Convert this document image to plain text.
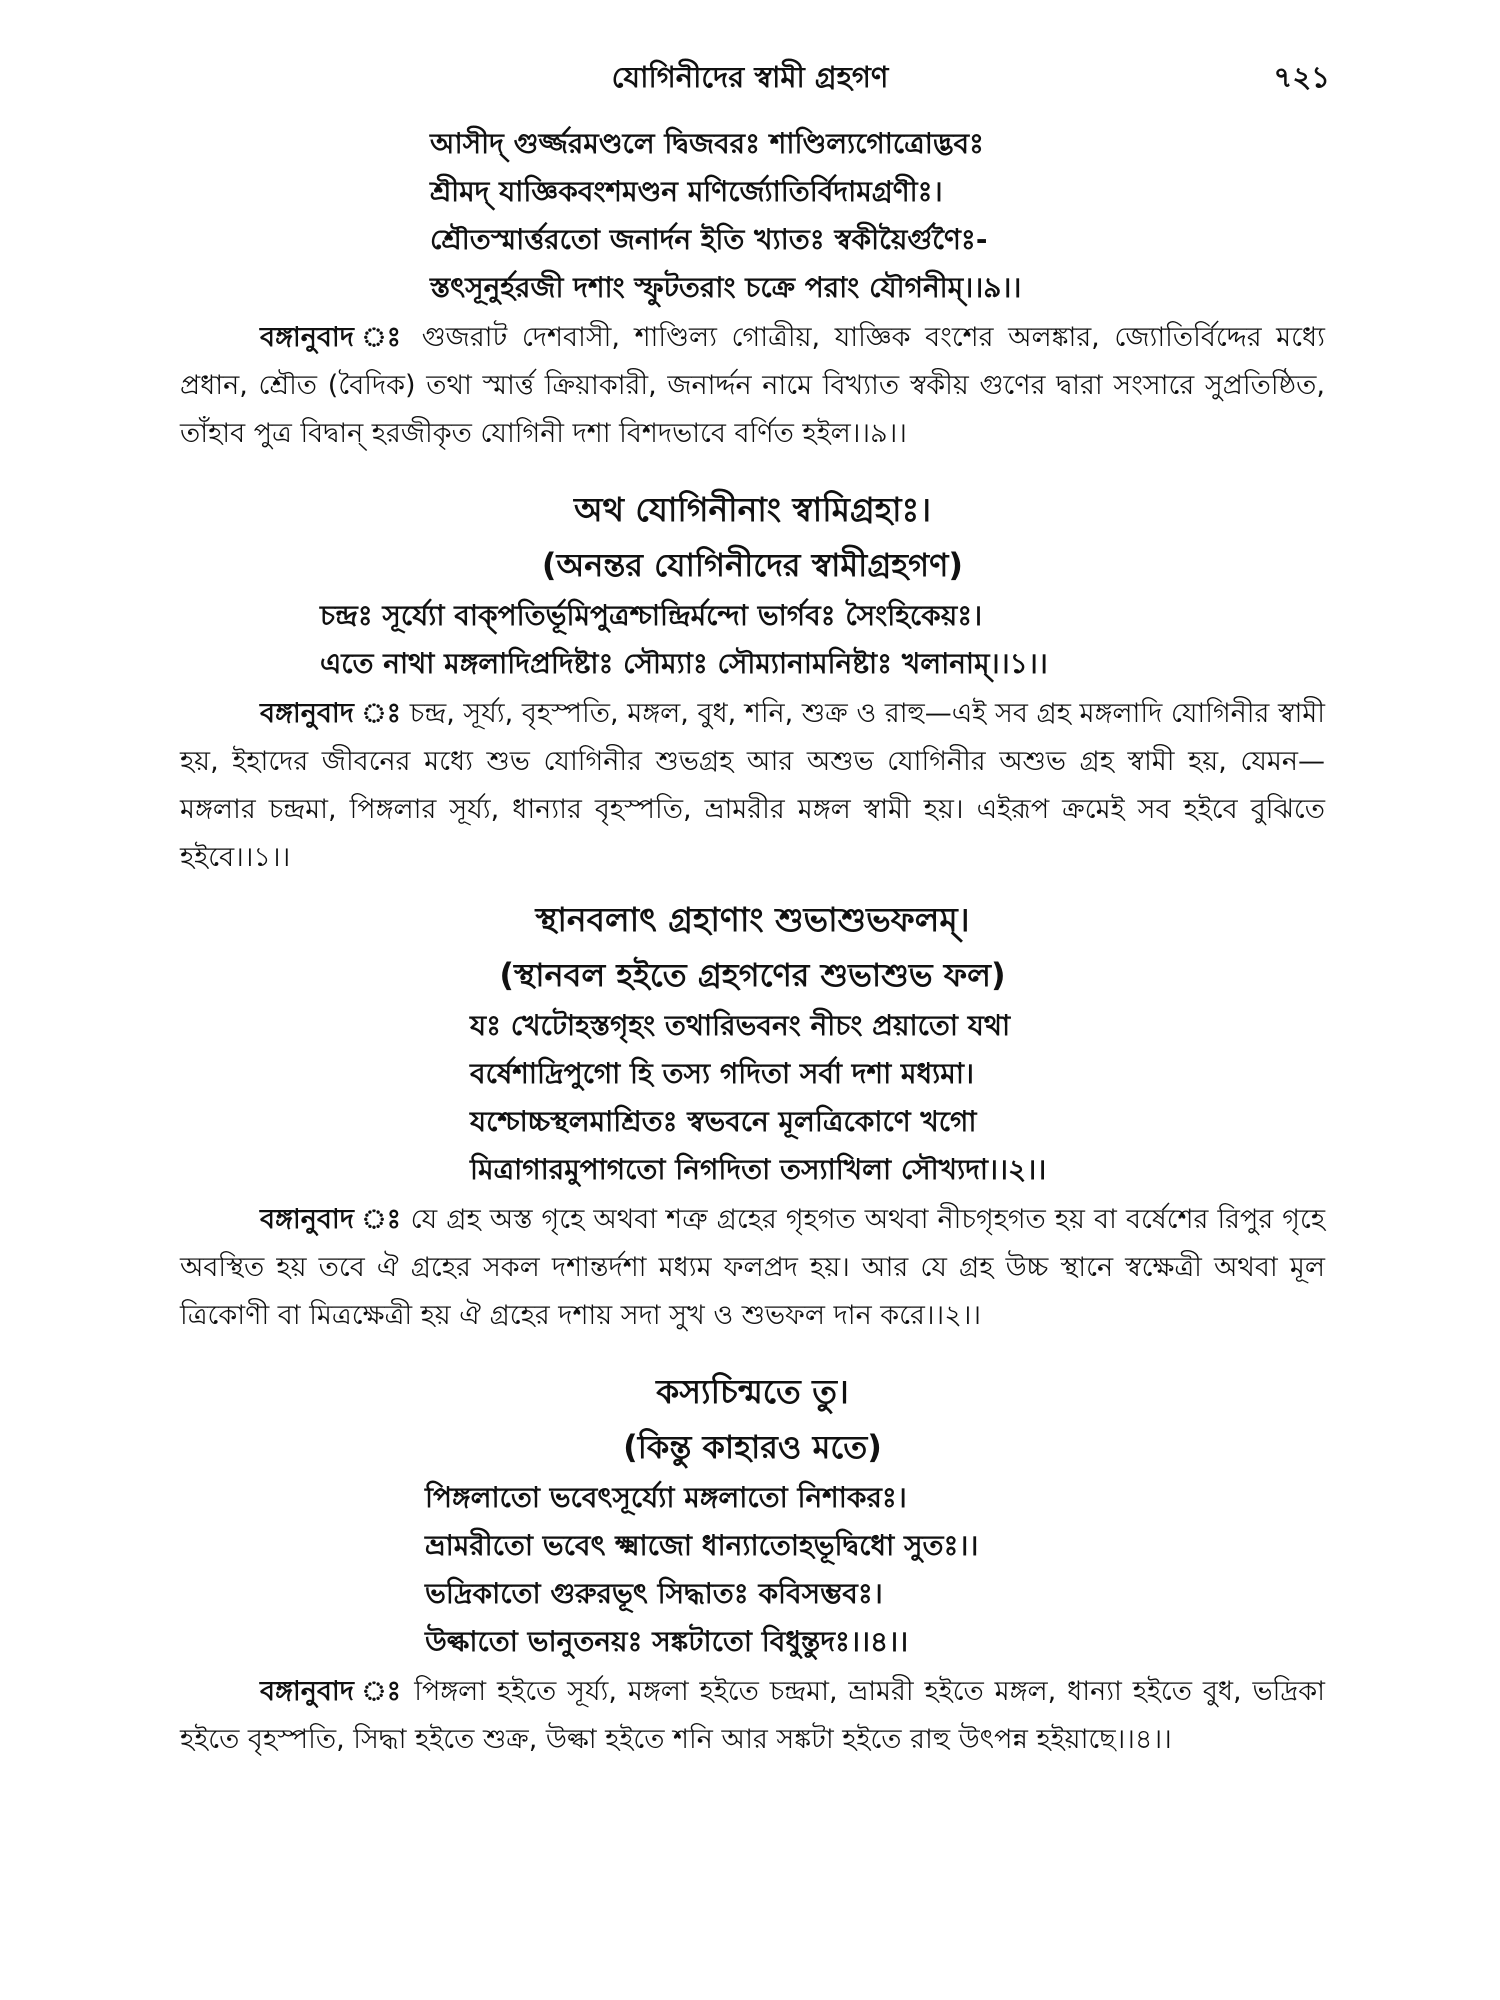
যোগিনীদের স্বামী গ্রহগণ	৭২১
আসীদ্ গুর্জ্জরমণ্ডলে দ্বিজবরঃ শাণ্ডিল্যগোত্রোদ্ভবঃ
শ্রীমদ্ যাজ্ঞিকবংশমণ্ডন মণির্জ্যোতির্বিদামগ্রণীঃ।
শ্রৌতস্মার্ত্তরতো জনার্দন ইতি খ্যাতঃ স্বকীয়ৈর্গুণৈঃ-
স্তৎসূনুর্হরজী দশাং স্ফুটতরাং চক্রে পরাং যৌগনীম্।।৯।।

বঙ্গানুবাদ ঃ গুজরাট দেশবাসী, শাণ্ডিল্য গোত্রীয়, যাজ্ঞিক বংশের অলঙ্কার, জ্যোতির্বিদ্দের মধ্যে প্রধান, শ্রৌত (বৈদিক) তথা স্মার্ত্ত ক্রিয়াকারী, জনার্দ্দন নামে বিখ্যাত স্বকীয় গুণের দ্বারা সংসারে সুপ্রতিষ্ঠিত, তাঁহাব পুত্র বিদ্বান্ হরজীকৃত যোগিনী দশা বিশদভাবে বর্ণিত হইল।।৯।।

অথ যোগিনীনাং স্বামিগ্রহাঃ।
(অনন্তর যোগিনীদের স্বামীগ্রহগণ)
চন্দ্রঃ সূর্য্যো বাক্‌পতির্ভূমিপুত্রশ্চান্দ্রির্মন্দো ভার্গবঃ সৈংহিকেয়ঃ।
এতে নাথা মঙ্গলাদিপ্রদিষ্টাঃ সৌম্যাঃ সৌম্যানামনিষ্টাঃ খলানাম্।।১।।

বঙ্গানুবাদ ঃ চন্দ্র, সূর্য্য, বৃহস্পতি, মঙ্গল, বুধ, শনি, শুক্র ও রাহু—এই সব গ্রহ মঙ্গলাদি যোগিনীর স্বামী হয়, ইহাদের জীবনের মধ্যে শুভ যোগিনীর শুভগ্রহ আর অশুভ যোগিনীর অশুভ গ্রহ স্বামী হয়, যেমন— মঙ্গলার চন্দ্রমা, পিঙ্গলার সূর্য্য, ধান্যার বৃহস্পতি, ভ্রামরীর মঙ্গল স্বামী হয়। এইরূপ ক্রমেই সব হইবে বুঝিতে হইবে।।১।।

স্থানবলাৎ গ্রহাণাং শুভাশুভফলম্।
(স্থানবল হইতে গ্রহগণের শুভাশুভ ফল)
যঃ খেটোহস্তগৃহং তথারিভবনং নীচং প্রয়াতো যথা
বর্ষেশাদ্রিপুগো হি তস্য গদিতা সর্বা দশা মধ্যমা।
যশ্চোচ্চস্থলমাশ্রিতঃ স্বভবনে মূলত্রিকোণে খগো
মিত্রাগারমুপাগতো নিগদিতা তস্যাখিলা সৌখ্যদা।।২।।

বঙ্গানুবাদ ঃ যে গ্রহ অস্ত গৃহে অথবা শত্রু গ্রহের গৃহগত অথবা নীচগৃহগত হয় বা বর্ষেশের রিপুর গৃহে অবস্থিত হয় তবে ঐ গ্রহের সকল দশান্তর্দশা মধ্যম ফলপ্রদ হয়। আর যে গ্রহ উচ্চ স্থানে স্বক্ষেত্রী অথবা মূল ত্রিকোণী বা মিত্রক্ষেত্রী হয় ঐ গ্রহের দশায় সদা সুখ ও শুভফল দান করে।।২।।

কস্যচিন্মতে তু।
(কিন্তু কাহারও মতে)
পিঙ্গলাতো ভবেৎসূর্য্যো মঙ্গলাতো নিশাকরঃ।
ভ্রামরীতো ভবেৎ ক্ষ্মাজো ধান্যাতোহভূদ্বিধো সুতঃ।।
ভদ্রিকাতো গুরুরভূৎ সিদ্ধাতঃ কবিসম্ভবঃ।
উল্কাতো ভানুতনয়ঃ সঙ্কটাতো বিধুন্তুদঃ।।৪।।

বঙ্গানুবাদ ঃ পিঙ্গলা হইতে সূর্য্য, মঙ্গলা হইতে চন্দ্রমা, ভ্রামরী হইতে মঙ্গল, ধান্যা হইতে বুধ, ভদ্রিকা হইতে বৃহস্পতি, সিদ্ধা হইতে শুক্র, উল্কা হইতে শনি আর সঙ্কটা হইতে রাহু উৎপন্ন হইয়াছে।।৪।।
